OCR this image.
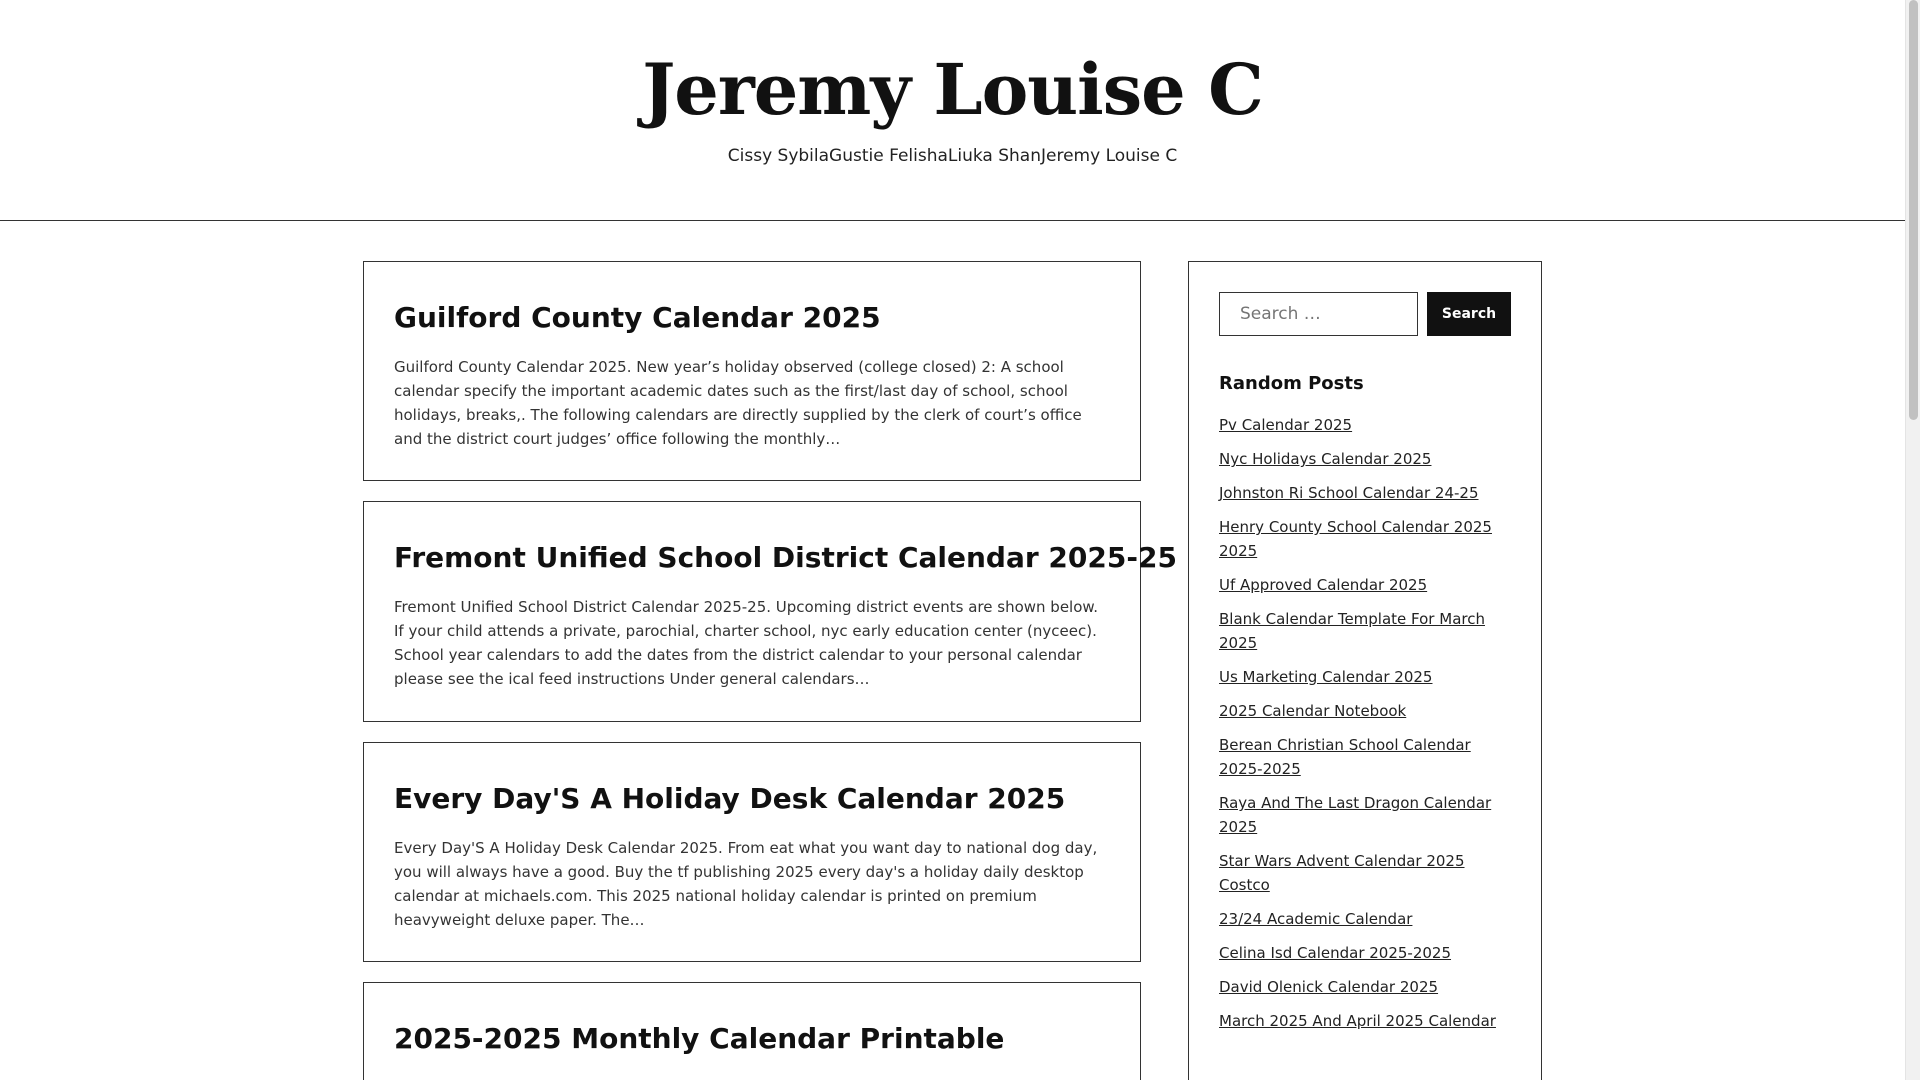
Jeremy Louise C
Cissy Sybila Gustie Felisha Liuka Shan Jeremy Louise C
Guilford County Calendar 2025

Guilford County Calendar 2025. New year’s holiday observed (college closed) 2: A school calendar specify the important academic dates such as the first/last day of school, school holidays, breaks,. The following calendars are directly supplied by the clerk of court’s office and the district court judges’ office following the monthly…

Fremont Unified School District Calendar 2025-25

Fremont Unified School District Calendar 2025-25. Upcoming district events are shown below. If your child attends a private, parochial, charter school, nyc early education center (nyceec). School year calendars to add the dates from the district calendar to your personal calendar please see the ical feed instructions Under general calendars…

Every Day'S A Holiday Desk Calendar 2025

Every Day'S A Holiday Desk Calendar 2025. From eat what you want day to national dog day, you will always have a good. Buy the tf publishing 2025 every day's a holiday daily desktop calendar at michaels.com. This 2025 national holiday calendar is printed on premium heavyweight deluxe paper. The…

2025-2025 Monthly Calendar Printable

Search …
Search
Random Posts
Pv Calendar 2025
Nyc Holidays Calendar 2025
Johnston Ri School Calendar 24-25
Henry County School Calendar 2025 2025
Uf Approved Calendar 2025
Blank Calendar Template For March 2025
Us Marketing Calendar 2025
2025 Calendar Notebook
Berean Christian School Calendar 2025-2025
Raya And The Last Dragon Calendar 2025
Star Wars Advent Calendar 2025 Costco
23/24 Academic Calendar
Celina Isd Calendar 2025-2025
David Olenick Calendar 2025
March 2025 And April 2025 Calendar
